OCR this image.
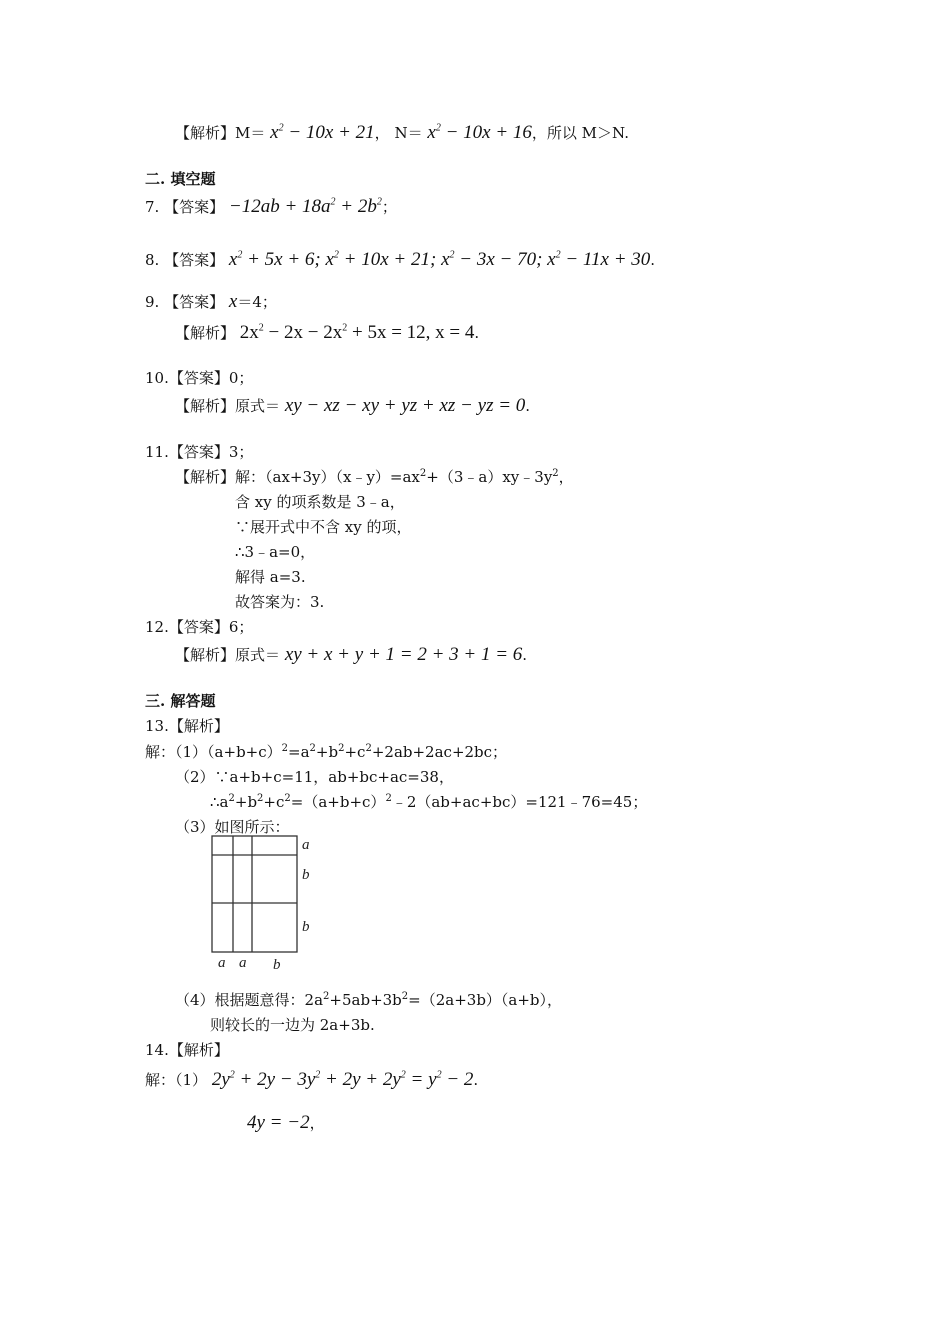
【解析】$M= x^2 - 10x + 21$， $N= x^2 - 10x + 16$，所以 M＞N.
二. 填空题
7. 【答案】 $-12ab + 18a^2 + 2b^2$；
8. 【答案】 $x^2 + 5x + 6$; $x^2 + 10x + 21$; $x^2 - 3x - 70$; $x^2 - 11x + 30$.
9. 【答案】 x＝4；
【解析】 $2x^2 - 2x - 2x^2 + 5x = 12$, x = 4.
10.【答案】0；
【解析】原式＝ xy − xz − xy + yz + xz − yz = 0.
11.【答案】3；
【解析】 解：$(ax+3y)(x﹣y)=ax^2+(3﹣a)xy﹣3y^2$，
含 xy 的项系数是 3﹣a，
∵展开式中不含 xy 的项，
∴3﹣a=0，
解得 a=3.
故答案为：3.
12.【答案】6；
【解析】原式＝ xy + x + y + 1 = 2 + 3 + 1 = 6.
三. 解答题
13.【解析】
解：$(1)(a+b+c)^2=a^2+b^2+c^2+2ab+2ac+2bc$；
（2）∵a+b+c=11，ab+bc+ac=38，
$\therefore a^2+b^2+c^2=(a+b+c)^2﹣2(ab+ac+bc)=121﹣76=45$；
（3）如图所示：
a
b
b
a a b
（4）根据题意得：$2a^2+5ab+3b^2=(2a+3b)(a+b)$，
则较长的一边为 2a+3b.
14.【解析】
解：（1） $2y^2 + 2y - 3y^2 + 2y + 2y^2 = y^2 - 2$.
4y = −2，
